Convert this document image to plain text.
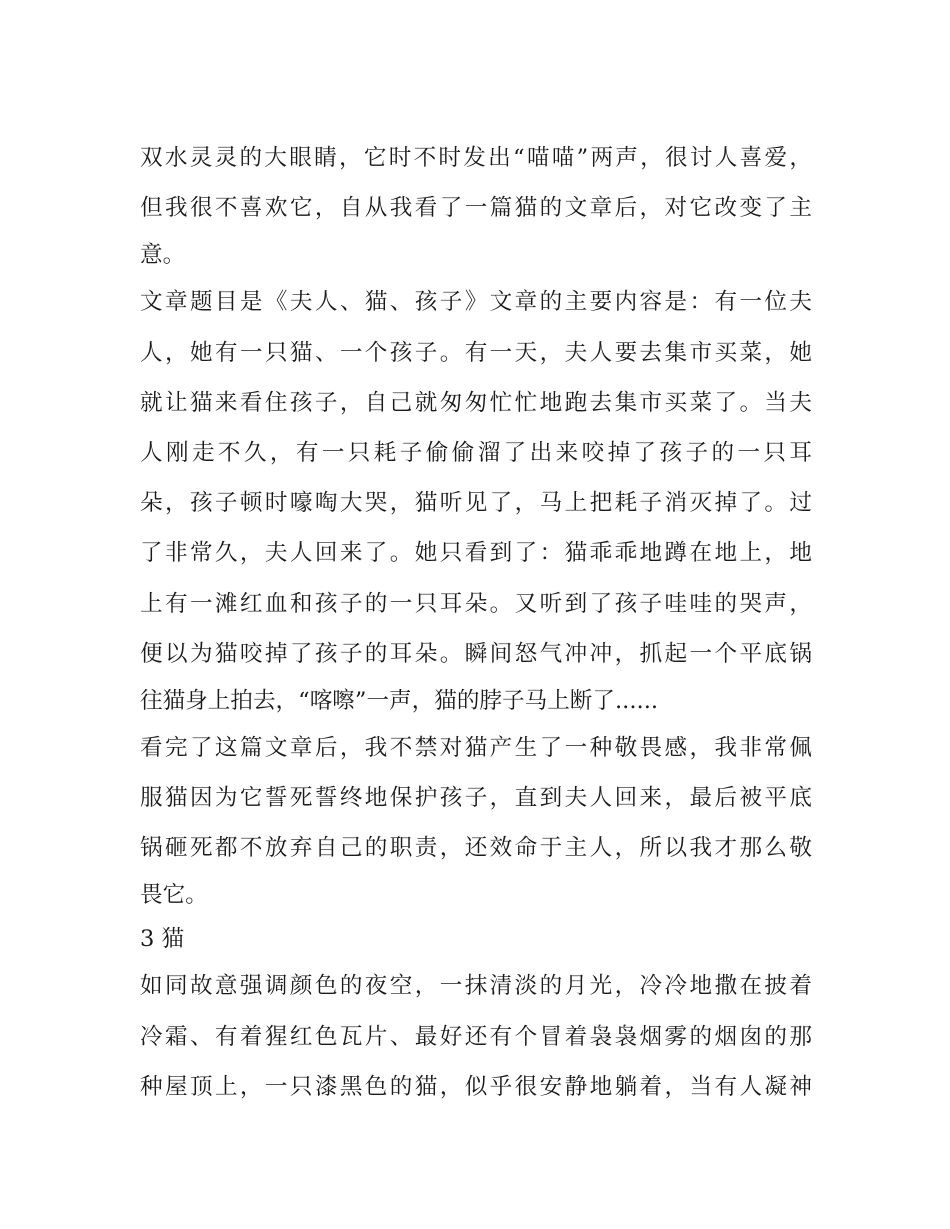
双水灵灵的大眼睛，它时不时发出“喵喵”两声，很讨人喜爱，
但我很不喜欢它，自从我看了一篇猫的文章后，对它改变了主
意。
文章题目是《夫人、猫、孩子》文章的主要内容是：有一位夫
人，她有一只猫、一个孩子。有一天，夫人要去集市买菜，她
就让猫来看住孩子，自己就匆匆忙忙地跑去集市买菜了。当夫
人刚走不久，有一只耗子偷偷溜了出来咬掉了孩子的一只耳
朵，孩子顿时嚎啕大哭，猫听见了，马上把耗子消灭掉了。过
了非常久，夫人回来了。她只看到了：猫乖乖地蹲在地上，地
上有一滩红血和孩子的一只耳朵。又听到了孩子哇哇的哭声，
便以为猫咬掉了孩子的耳朵。瞬间怒气冲冲，抓起一个平底锅
往猫身上拍去，“喀嚓”一声，猫的脖子马上断了......
看完了这篇文章后，我不禁对猫产生了一种敬畏感，我非常佩
服猫因为它誓死誓终地保护孩子，直到夫人回来，最后被平底
锅砸死都不放弃自己的职责，还效命于主人，所以我才那么敬
畏它。
3 猫
如同故意强调颜色的夜空，一抹清淡的月光，冷冷地撒在披着
冷霜、有着猩红色瓦片、最好还有个冒着袅袅烟雾的烟囱的那
种屋顶上，一只漆黑色的猫，似乎很安静地躺着，当有人凝神
